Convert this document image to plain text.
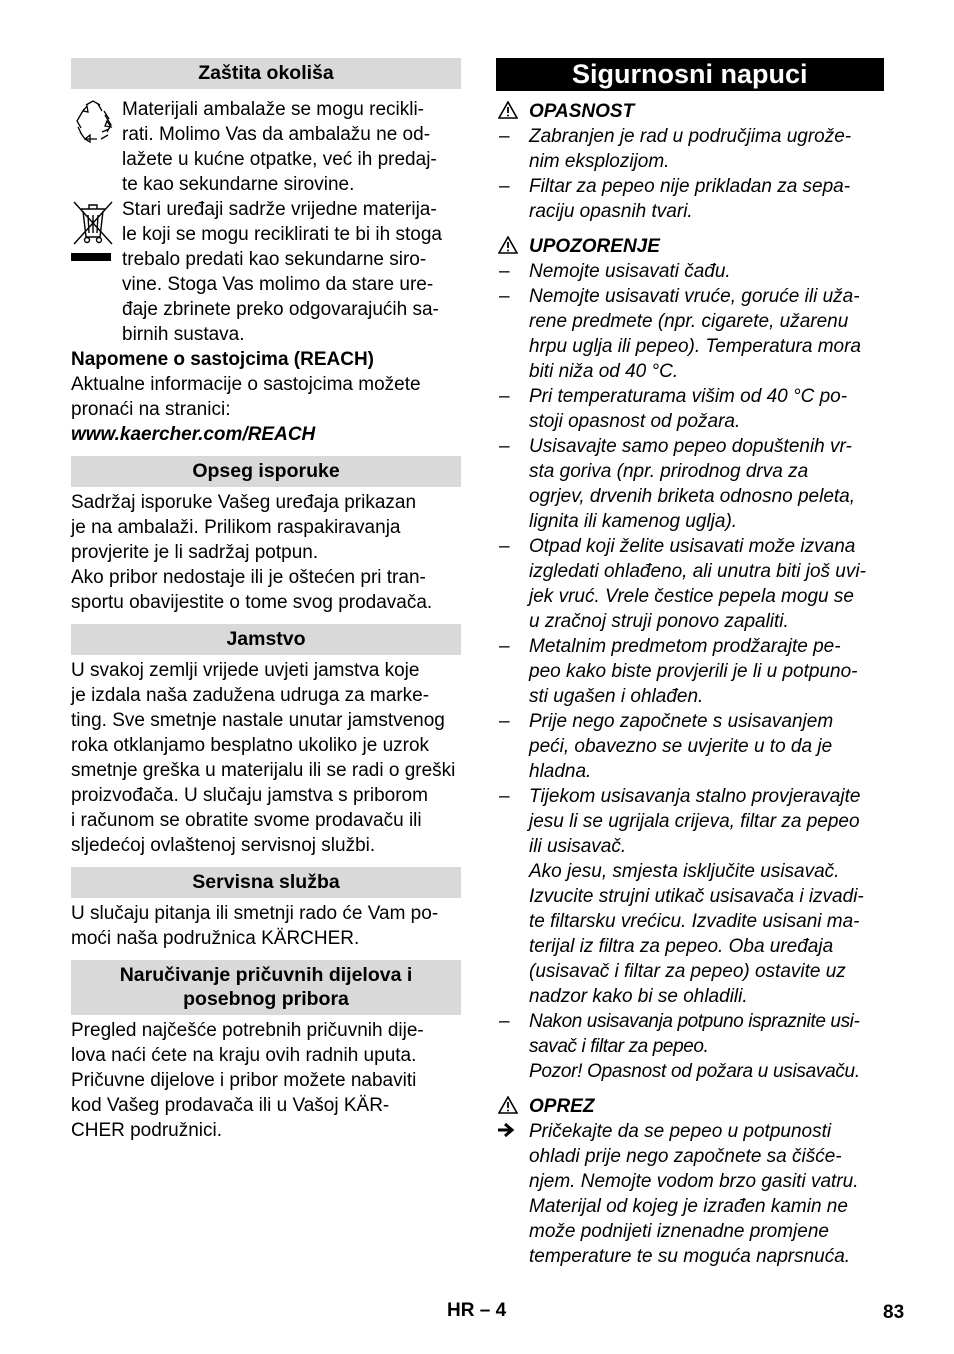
Zaštita okoliša

Materijali ambalaže se mogu recikli-

rati. Molimo Vas da ambalažu ne od-

lažete u kućne otpatke, već ih predaj-

te kao sekundarne sirovine.

Stari uređaji sadrže vrijedne materija-

le koji se mogu reciklirati te bi ih stoga

trebalo predati kao sekundarne siro-

vine. Stoga Vas molimo da stare ure-

đaje zbrinete preko odgovarajućih sa-

birnih sustava.

Napomene o sastojcima (REACH)

Aktualne informacije o sastojcima možete

pronaći na stranici:

www.kaercher.com/REACH

Opseg isporuke

Sadržaj isporuke Vašeg uređaja prikazan

je na ambalaži. Prilikom raspakiravanja

provjerite je li sadržaj potpun.

Ako pribor nedostaje ili je oštećen pri tran-

sportu obavijestite o tome svog prodavača.

Jamstvo

U svakoj zemlji vrijede uvjeti jamstva koje

je izdala naša zadužena udruga za marke-

ting. Sve smetnje nastale unutar jamstvenog

roka otklanjamo besplatno ukoliko je uzrok

smetnje greška u materijalu ili se radi o greški

proizvođača. U slučaju jamstva s priborom

i računom se obratite svome prodavaču ili

sljedećoj ovlaštenoj servisnoj službi.

Servisna služba

U slučaju pitanja ili smetnji rado će Vam po-

moći naša podružnica KÄRCHER.

Naručivanje pričuvnih dijelova i
posebnog pribora

Pregled najčešće potrebnih pričuvnih dije-

lova naći ćete na kraju ovih radnih uputa.

Pričuvne dijelove i pribor možete nabaviti

kod Vašeg prodavača ili u Vašoj KÄR-

CHER podružnici.

Sigurnosni napuci
OPASNOST
– Zabranjen je rad u područjima ugrože-

nim eksplozijom.

– Filtar za pepeo nije prikladan za sepa-

raciju opasnih tvari.

UPOZORENJE
– Nemojte usisavati čađu.

– Nemojte usisavati vruće, goruće ili uža-

rene predmete (npr. cigarete, užarenu

hrpu uglja ili pepeo). Temperatura mora

biti niža od 40 °C.

– Pri temperaturama višim od 40 °C po-

stoji opasnost od požara.

– Usisavajte samo pepeo dopuštenih vr-

sta goriva (npr. prirodnog drva za

ogrjev, drvenih briketa odnosno peleta,

lignita ili kamenog uglja).

– Otpad koji želite usisavati može izvana

izgledati ohlađeno, ali unutra biti još uvi-

jek vruć. Vrele čestice pepela mogu se

u zračnoj struji ponovo zapaliti.

– Metalnim predmetom prodžarajte pe-

peo kako biste provjerili je li u potpuno-

sti ugašen i ohlađen.

– Prije nego započnete s usisavanjem

peći, obavezno se uvjerite u to da je

hladna.

– Tijekom usisavanja stalno provjeravajte

jesu li se ugrijala crijeva, filtar za pepeo

ili usisavač.

Ako jesu, smjesta isključite usisavač.

Izvucite strujni utikač usisavača i izvadi-

te filtarsku vrećicu. Izvadite usisani ma-

terijal iz filtra za pepeo. Oba uređaja

(usisavač i filtar za pepeo) ostavite uz

nadzor kako bi se ohladili.

– Nakon usisavanja potpuno ispraznite usi-

savač i filtar za pepeo.

Pozor! Opasnost od požara u usisavaču.

OPREZ

Pričekajte da se pepeo u potpunosti

ohladi prije nego započnete sa čišće-

njem. Nemojte vodom brzo gasiti vatru.

Materijal od kojeg je izrađen kamin ne

može podnijeti iznenadne promjene

temperature te su moguća naprsnuća.

HR – 4	83
